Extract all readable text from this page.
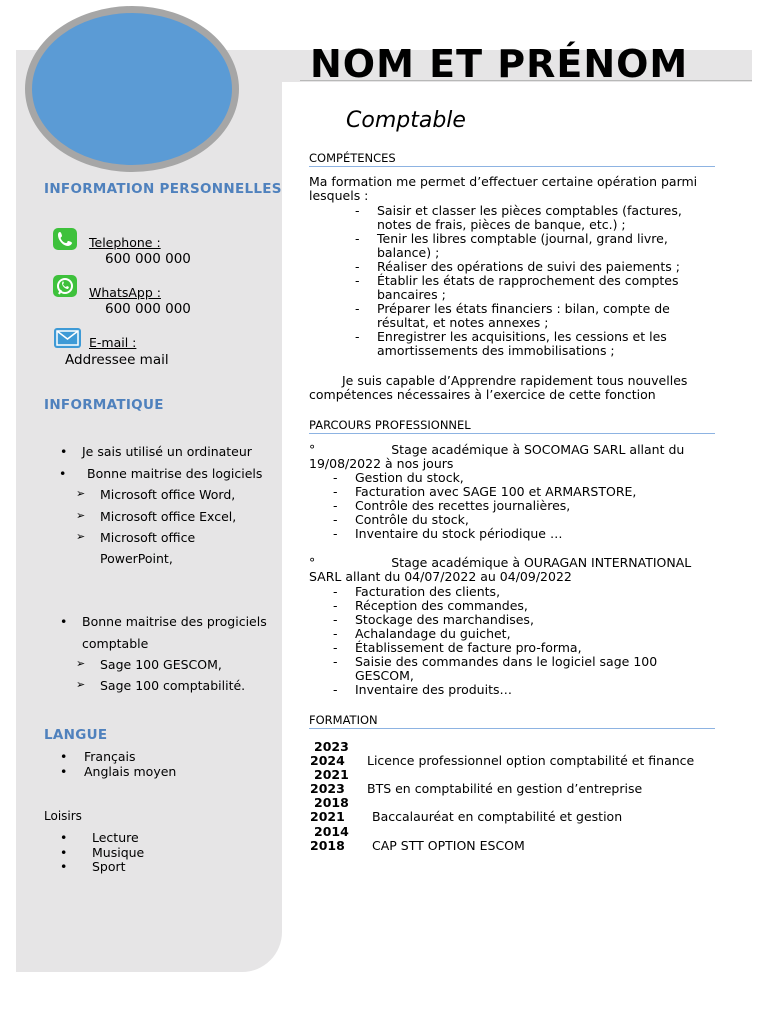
NOM ET PRÉNOM
Comptable
INFORMATION PERSONNELLES
Telephone :
600 000 000
WhatsApp :
600 000 000
E-mail :
Addressee mail
INFORMATIQUE
• Je sais utilisé un ordinateur
• Bonne maitrise des logiciels
➢ Microsoft office Word,
➢ Microsoft office Excel,
➢ Microsoft office
PowerPoint,
• Bonne maitrise des progiciels
comptable
➢ Sage 100 GESCOM,
➢ Sage 100 comptabilité.
LANGUE
• Français
• Anglais moyen
Loisirs
• Lecture
• Musique
• Sport
COMPÉTENCES

Ma formation me permet d’effectuer certaine opération parmi lesquels :

- Saisir et classer les pièces comptables (factures, notes de frais, pièces de banque, etc.) ;
- Tenir les libres comptable (journal, grand livre, balance) ;
- Réaliser des opérations de suivi des paiements ;
- Établir les états de rapprochement des comptes bancaires ;
- Préparer les états financiers : bilan, compte de résultat, et notes annexes ;
- Enregistrer les acquisitions, les cessions et les amortissements des immobilisations ;

Je suis capable d’Apprendre rapidement tous nouvelles compétences nécessaires à l’exercice de cette fonction

PARCOURS PROFESSIONNEL
°	Stage académique à SOCOMAG SARL allant du
19/08/2022 à nos jours
- Gestion du stock,
- Facturation avec SAGE 100 et ARMARSTORE,
- Contrôle des recettes journalières,
- Contrôle du stock,
- Inventaire du stock périodique …
°	Stage académique à OURAGAN INTERNATIONAL
SARL allant du 04/07/2022 au 04/09/2022
- Facturation des clients,
- Réception des commandes,
- Stockage des marchandises,
- Achalandage du guichet,
- Établissement de facture pro-forma,
- Saisie des commandes dans le logiciel sage 100 GESCOM,
- Inventaire des produits…
FORMATION
2023
2024 Licence professionnel option comptabilité et finance
2021
2023 BTS en comptabilité en gestion d’entreprise
2018
2021 Baccalauréat en comptabilité et gestion
2014
2018 CAP STT OPTION ESCOM
